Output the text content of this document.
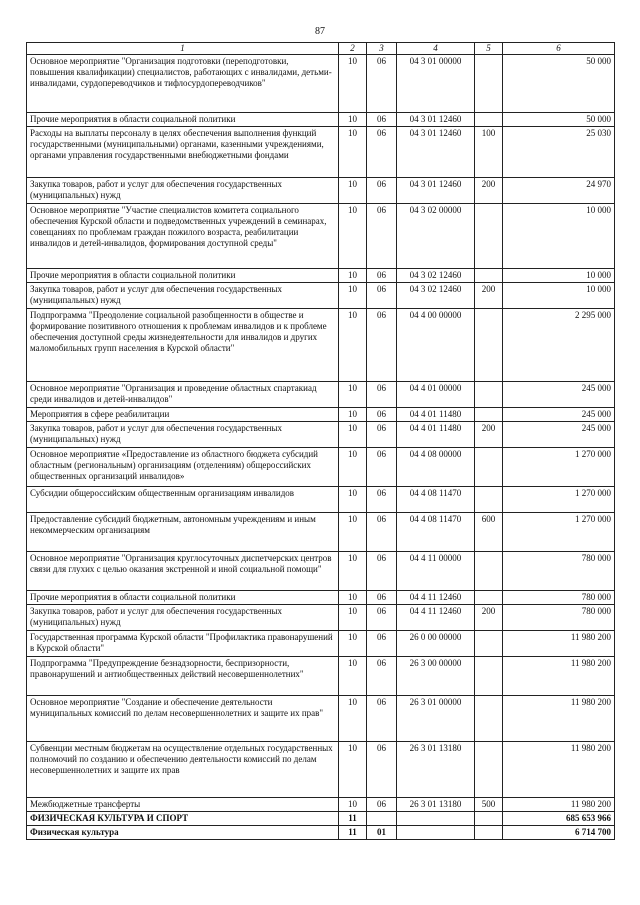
87
1	2	3	4	5	6
Основное мероприятие "Организация подготовки (переподготовки, повышения квалификации) специалистов, работающих с инвалидами, детьми-инвалидами, сурдопереводчиков и тифлосурдопереводчиков"	10	06	04 3 01 00000		50 000
Прочие мероприятия в области социальной политики	10	06	04 3 01 12460		50 000
Расходы на выплаты персоналу в целях обеспечения выполнения функций государственными (муниципальными) органами, казенными учреждениями, органами управления государственными внебюджетными фондами	10	06	04 3 01 12460	100	25 030
Закупка товаров, работ и услуг для обеспечения государственных (муниципальных) нужд	10	06	04 3 01 12460	200	24 970
Основное мероприятие "Участие специалистов комитета социального обеспечения Курской области и подведомственных учреждений в семинарах, совещаниях по проблемам граждан пожилого возраста, реабилитации инвалидов и детей-инвалидов, формирования доступной среды"	10	06	04 3 02 00000		10 000
Прочие мероприятия в области социальной политики	10	06	04 3 02 12460		10 000
Закупка товаров, работ и услуг для обеспечения государственных (муниципальных) нужд	10	06	04 3 02 12460	200	10 000
Подпрограмма "Преодоление социальной разобщенности в обществе и формирование позитивного отношения к проблемам инвалидов и к проблеме обеспечения доступной среды жизнедеятельности для инвалидов и других маломобильных групп населения в Курской области"	10	06	04 4 00 00000		2 295 000
Основное мероприятие "Организация и проведение областных спартакиад среди инвалидов и детей-инвалидов"	10	06	04 4 01 00000		245 000
Мероприятия в сфере реабилитации	10	06	04 4 01 11480		245 000
Закупка товаров, работ и услуг для обеспечения государственных (муниципальных) нужд	10	06	04 4 01 11480	200	245 000
Основное мероприятие «Предоставление из областного бюджета субсидий областным (региональным) организациям (отделениям) общероссийских общественных организаций инвалидов»	10	06	04 4 08 00000		1 270 000
Субсидии общероссийским общественным организациям инвалидов	10	06	04 4 08 11470		1 270 000
Предоставление субсидий бюджетным, автономным учреждениям и иным некоммерческим организациям	10	06	04 4 08 11470	600	1 270 000
Основное мероприятие "Организация круглосуточных диспетчерских центров связи для глухих с целью оказания экстренной и иной социальной помощи"	10	06	04 4 11 00000		780 000
Прочие мероприятия в области социальной политики	10	06	04 4 11 12460		780 000
Закупка товаров, работ и услуг для обеспечения государственных (муниципальных) нужд	10	06	04 4 11 12460	200	780 000
Государственная программа Курской области "Профилактика правонарушений в Курской области"	10	06	26 0 00 00000		11 980 200
Подпрограмма "Предупреждение безнадзорности, беспризорности, правонарушений и антиобщественных действий несовершеннолетних"	10	06	26 3 00 00000		11 980 200
Основное мероприятие "Создание и обеспечение деятельности муниципальных комиссий по делам несовершеннолетних и защите их прав"	10	06	26 3 01 00000		11 980 200
Субвенции местным бюджетам на осуществление отдельных государственных полномочий по созданию и обеспечению деятельности комиссий по делам несовершеннолетних и защите их прав	10	06	26 3 01 13180		11 980 200
Межбюджетные трансферты	10	06	26 3 01 13180	500	11 980 200
ФИЗИЧЕСКАЯ КУЛЬТУРА И СПОРТ	11				685 653 966
Физическая культура	11	01			6 714 700
